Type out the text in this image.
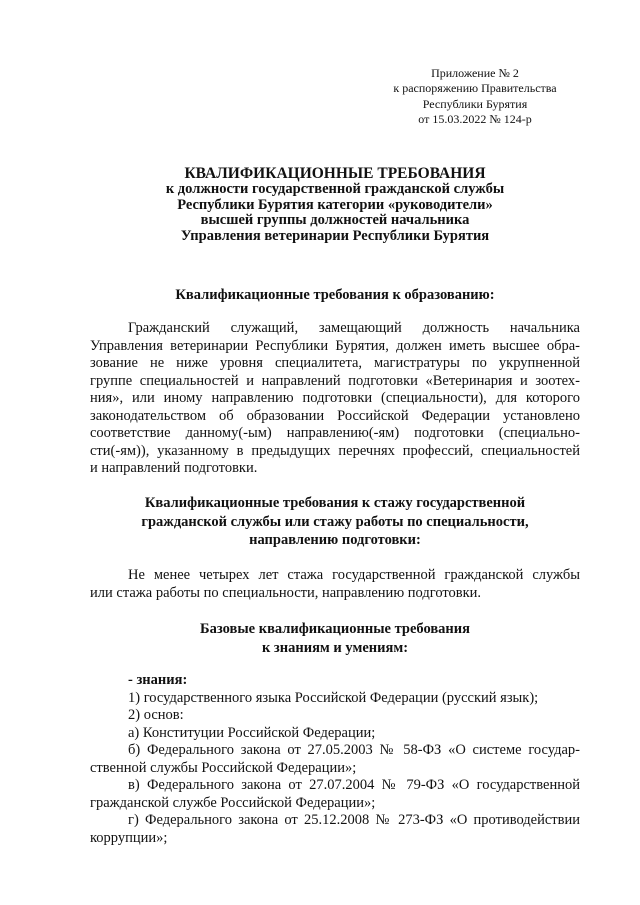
Приложение № 2
к распоряжению Правительства
Республики Бурятия
от 15.03.2022 № 124-р
КВАЛИФИКАЦИОННЫЕ ТРЕБОВАНИЯ
к должности государственной гражданской службы
Республики Бурятия категории «руководители»
высшей группы должностей начальника
Управления ветеринарии Республики Бурятия
Квалификационные требования к образованию:
Гражданский служащий, замещающий должность начальника
Управления ветеринарии Республики Бурятия, должен иметь высшее обра-
зование не ниже уровня специалитета, магистратуры по укрупненной
группе специальностей и направлений подготовки «Ветеринария и зоотех-
ния», или иному направлению подготовки (специальности), для которого
законодательством об образовании Российской Федерации установлено
соответствие данному(-ым) направлению(-ям) подготовки (специально-
сти(-ям)), указанному в предыдущих перечнях профессий, специальностей
и направлений подготовки.
Квалификационные требования к стажу государственной
гражданской службы или стажу работы по специальности,
направлению подготовки:
Не менее четырех лет стажа государственной гражданской службы
или стажа работы по специальности, направлению подготовки.
Базовые квалификационные требования
к знаниям и умениям:
- знания:
1) государственного языка Российской Федерации (русский язык);
2) основ:
а) Конституции Российской Федерации;
б) Федерального закона от 27.05.2003 № 58-ФЗ «О системе государ-
ственной службы Российской Федерации»;
в) Федерального закона от 27.07.2004 № 79-ФЗ «О государственной
гражданской службе Российской Федерации»;
г) Федерального закона от 25.12.2008 № 273-ФЗ «О противодействии
коррупции»;
